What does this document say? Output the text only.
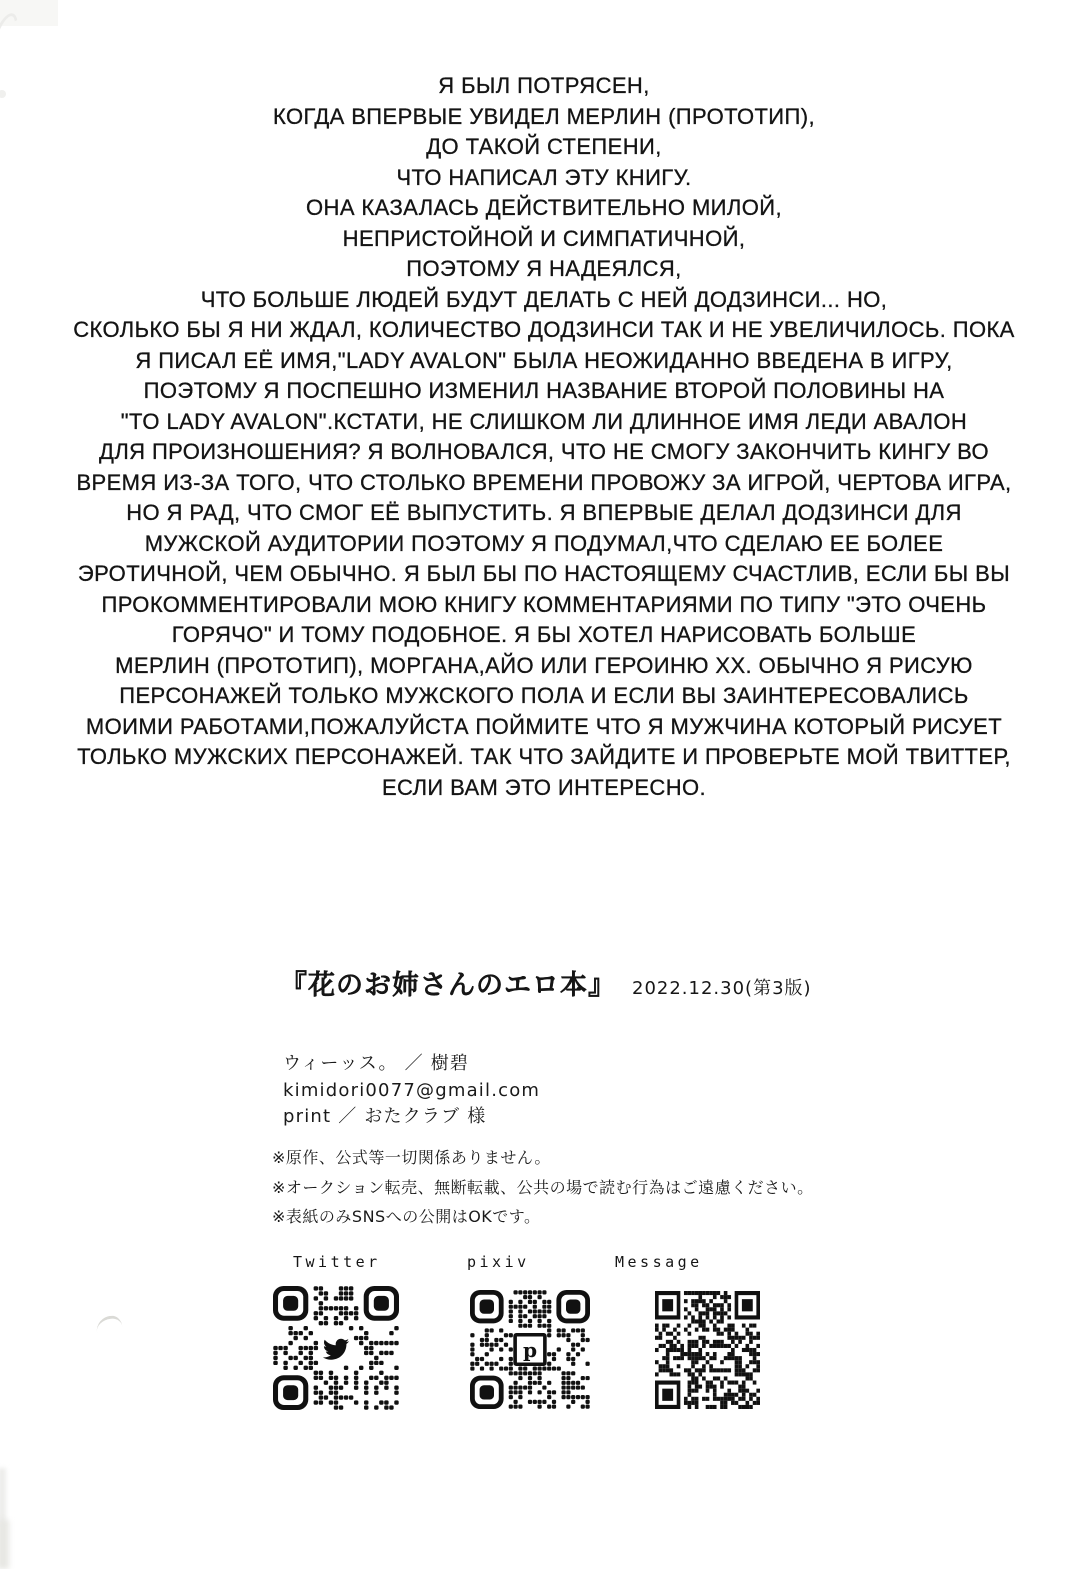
Я БЫЛ ПОТРЯСЕН,
КОГДА ВПЕРВЫЕ УВИДЕЛ МЕРЛИН (ПРОТОТИП),
ДО ТАКОЙ СТЕПЕНИ,
ЧТО НАПИСАЛ ЭТУ КНИГУ.
ОНА КАЗАЛАСЬ ДЕЙСТВИТЕЛЬНО МИЛОЙ,
НЕПРИСТОЙНОЙ И СИМПАТИЧНОЙ,
ПОЭТОМУ Я НАДЕЯЛСЯ,
ЧТО БОЛЬШЕ ЛЮДЕЙ БУДУТ ДЕЛАТЬ С НЕЙ ДОДЗИНСИ... НО,
СКОЛЬКО БЫ Я НИ ЖДАЛ, КОЛИЧЕСТВО ДОДЗИНСИ ТАК И НЕ УВЕЛИЧИЛОСЬ. ПОКА
Я ПИСАЛ ЕЁ ИМЯ,"LADY AVALON" БЫЛА НЕОЖИДАННО ВВЕДЕНА В ИГРУ,
ПОЭТОМУ Я ПОСПЕШНО ИЗМЕНИЛ НАЗВАНИЕ ВТОРОЙ ПОЛОВИНЫ НА
"TO LADY AVALON".КСТАТИ, НЕ СЛИШКОМ ЛИ ДЛИННОЕ ИМЯ ЛЕДИ АВАЛОН
ДЛЯ ПРОИЗНОШЕНИЯ? Я ВОЛНОВАЛСЯ, ЧТО НЕ СМОГУ ЗАКОНЧИТЬ КИНГУ ВО
ВРЕМЯ ИЗ-ЗА ТОГО, ЧТО СТОЛЬКО ВРЕМЕНИ ПРОВОЖУ ЗА ИГРОЙ, ЧЕРТОВА ИГРА,
НО Я РАД, ЧТО СМОГ ЕЁ ВЫПУСТИТЬ. Я ВПЕРВЫЕ ДЕЛАЛ ДОДЗИНСИ ДЛЯ
МУЖСКОЙ АУДИТОРИИ ПОЭТОМУ Я ПОДУМАЛ,ЧТО СДЕЛАЮ ЕЕ БОЛЕЕ
ЭРОТИЧНОЙ, ЧЕМ ОБЫЧНО. Я БЫЛ БЫ ПО НАСТОЯЩЕМУ СЧАСТЛИВ, ЕСЛИ БЫ ВЫ
ПРОКОММЕНТИРОВАЛИ МОЮ КНИГУ КОММЕНТАРИЯМИ ПО ТИПУ "ЭТО ОЧЕНЬ
ГОРЯЧО" И ТОМУ ПОДОБНОЕ. Я БЫ ХОТЕЛ НАРИСОВАТЬ БОЛЬШЕ
МЕРЛИН (ПРОТОТИП), МОРГАНА,АЙО ИЛИ ГЕРОИНЮ XX. ОБЫЧНО Я РИСУЮ
ПЕРСОНАЖЕЙ ТОЛЬКО МУЖСКОГО ПОЛА И ЕСЛИ ВЫ ЗАИНТЕРЕСОВАЛИСЬ
МОИМИ РАБОТАМИ,ПОЖАЛУЙСТА ПОЙМИТЕ ЧТО Я МУЖЧИНА КОТОРЫЙ РИСУЕТ
ТОЛЬКО МУЖСКИХ ПЕРСОНАЖЕЙ. ТАК ЧТО ЗАЙДИТЕ И ПРОВЕРЬТЕ МОЙ ТВИТТЕР,
ЕСЛИ ВАМ ЭТО ИНТЕРЕСНО.
『花のお姉さんのエロ本』 2022.12.30(第3版)
ウィーッス。 ／ 樹碧
kimidori0077@gmail.com
print ／ おたクラブ 様
※原作、公式等一切関係ありません。
※オークション転売、無断転載、公共の場で読む行為はご遠慮ください。
※表紙のみSNSへの公開はOKです。
Twitter	pixiv	Message
p
